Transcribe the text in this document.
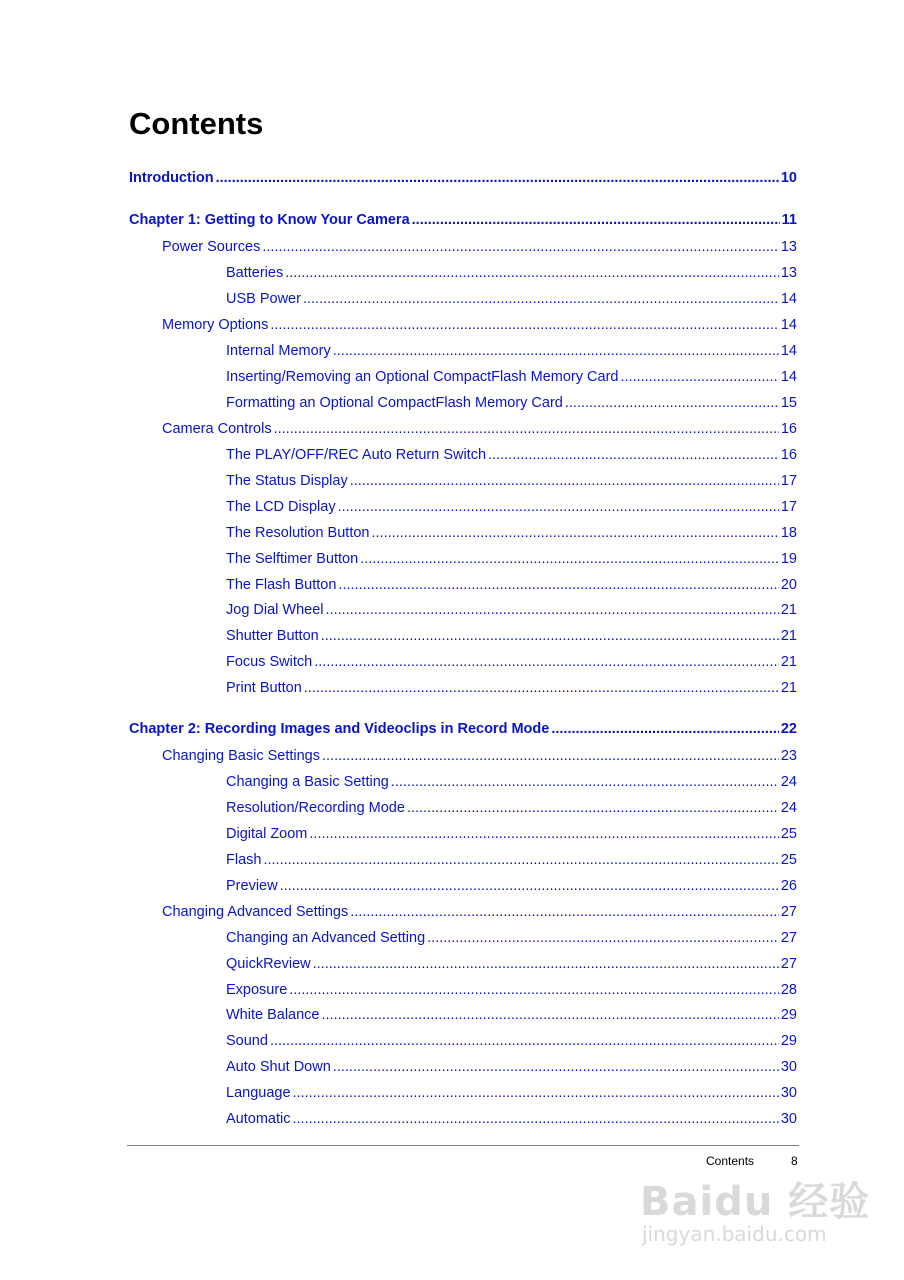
Contents
Introduction .....	10
Chapter 1: Getting to Know Your Camera .....	11
Power Sources .....	13
Batteries .....	13
USB Power .....	14
Memory Options .....	14
Internal Memory .....	14
Inserting/Removing an Optional CompactFlash Memory Card .....	14
Formatting an Optional CompactFlash Memory Card .....	15
Camera Controls .....	16
The PLAY/OFF/REC Auto Return Switch .....	16
The Status Display .....	17
The LCD Display .....	17
The Resolution Button .....	18
The Selftimer Button .....	19
The Flash Button .....	20
Jog Dial Wheel .....	21
Shutter Button .....	21
Focus Switch .....	21
Print Button .....	21
Chapter 2: Recording Images and Videoclips in Record Mode .....	22
Changing Basic Settings .....	23
Changing a Basic Setting .....	24
Resolution/Recording Mode .....	24
Digital Zoom .....	25
Flash .....	25
Preview .....	26
Changing Advanced Settings .....	27
Changing an Advanced Setting .....	27
QuickReview .....	27
Exposure .....	28
White Balance .....	29
Sound .....	29
Auto Shut Down .....	30
Language .....	30
Automatic .....	30
Contents	8
Baidu 经验
jingyan.baidu.com
